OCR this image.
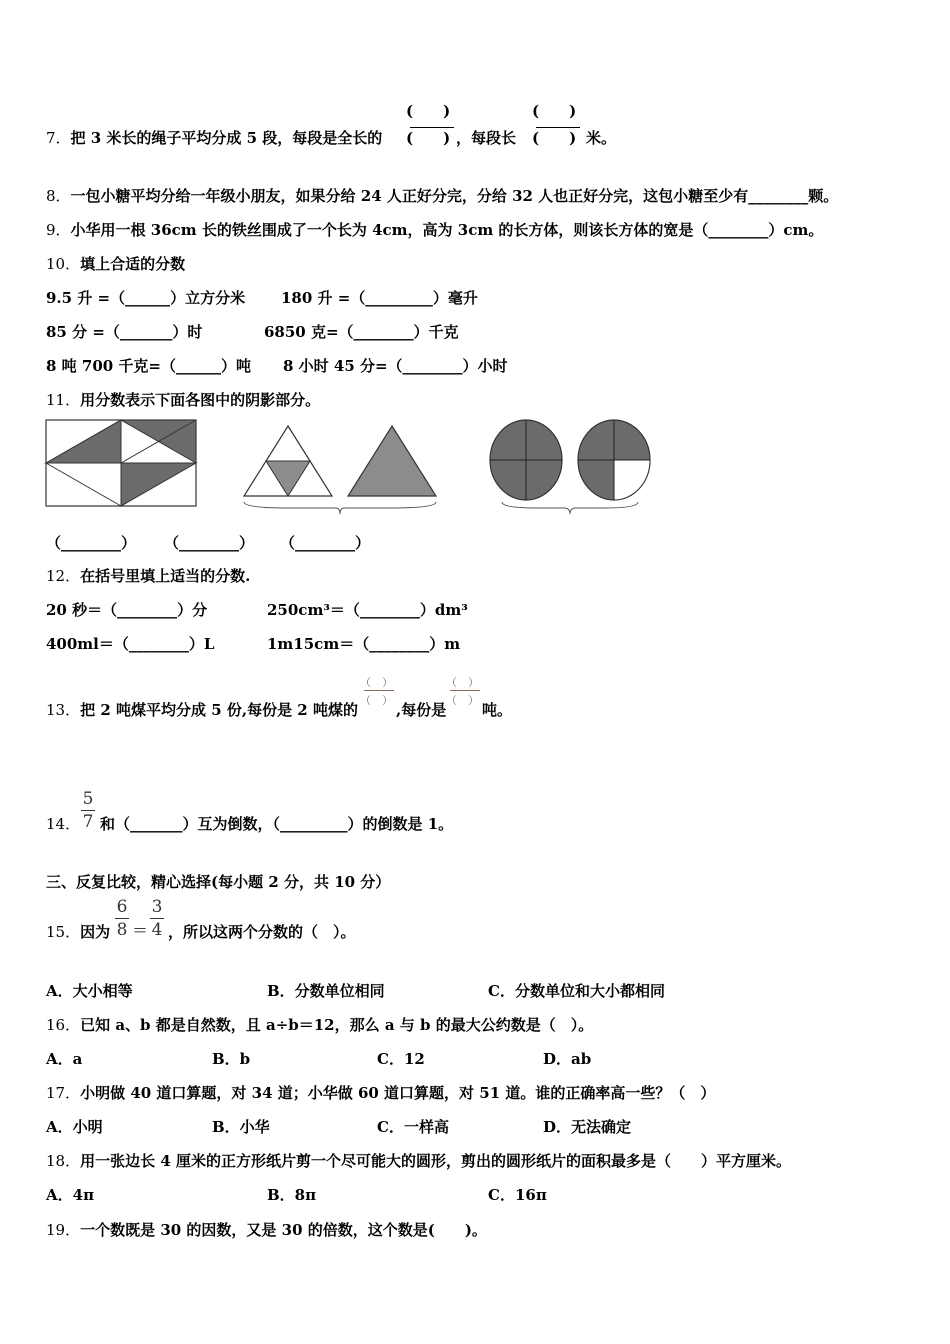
(　　)	(　　)
7．把 3 米长的绳子平均分成 5 段，每段是全长的 (　　) ，每段长 (　　) 米。
8．一包小糖平均分给一年级小朋友，如果分给 24 人正好分完，分给 32 人也正好分完，这包小糖至少有________颗。
9．小华用一根 36cm 长的铁丝围成了一个长为 4cm，高为 3cm 的长方体，则该长方体的宽是（________）cm。
10．填上合适的分数
9.5 升 =（______）立方分米 180 升 =（_________）毫升
85 分 =（_______）时	6850 克=（________）千克
8 吨 700 千克=（______）吨 8 小时 45 分=（________）小时
11．用分数表示下面各图中的阴影部分。
（________） （________） （________）
12．在括号里填上适当的分数.
20 秒＝（________）分	250cm³＝（________）dm³
400ml＝（________）L	1m15cm＝（________）m
（　）
（　）
（　）
（　）
13．把 2 吨煤平均分成 5 份,每份是 2 吨煤的	,每份是 吨。
14．
5
7 和（_______）互为倒数，（_________）的倒数是 1。
三、反复比较，精心选择(每小题 2 分，共 10 分）
15．因为
6
8 ＝
3
4 ，所以这两个分数的（　）。
A．大小相等	B．分数单位相同	C．分数单位和大小都相同
16．已知 a、b 都是自然数，且 a÷b＝12，那么 a 与 b 的最大公约数是（　）。
A．a	B．b	C．12	D．ab
17．小明做 40 道口算题，对 34 道；小华做 60 道口算题，对 51 道。谁的正确率高一些？（　）
A．小明	B．小华	C．一样高	D．无法确定
18．用一张边长 4 厘米的正方形纸片剪一个尽可能大的圆形，剪出的圆形纸片的面积最多是（　　）平方厘米。
A．4π	B．8π	C．16π
19．一个数既是 30 的因数，又是 30 的倍数，这个数是(　　)。
